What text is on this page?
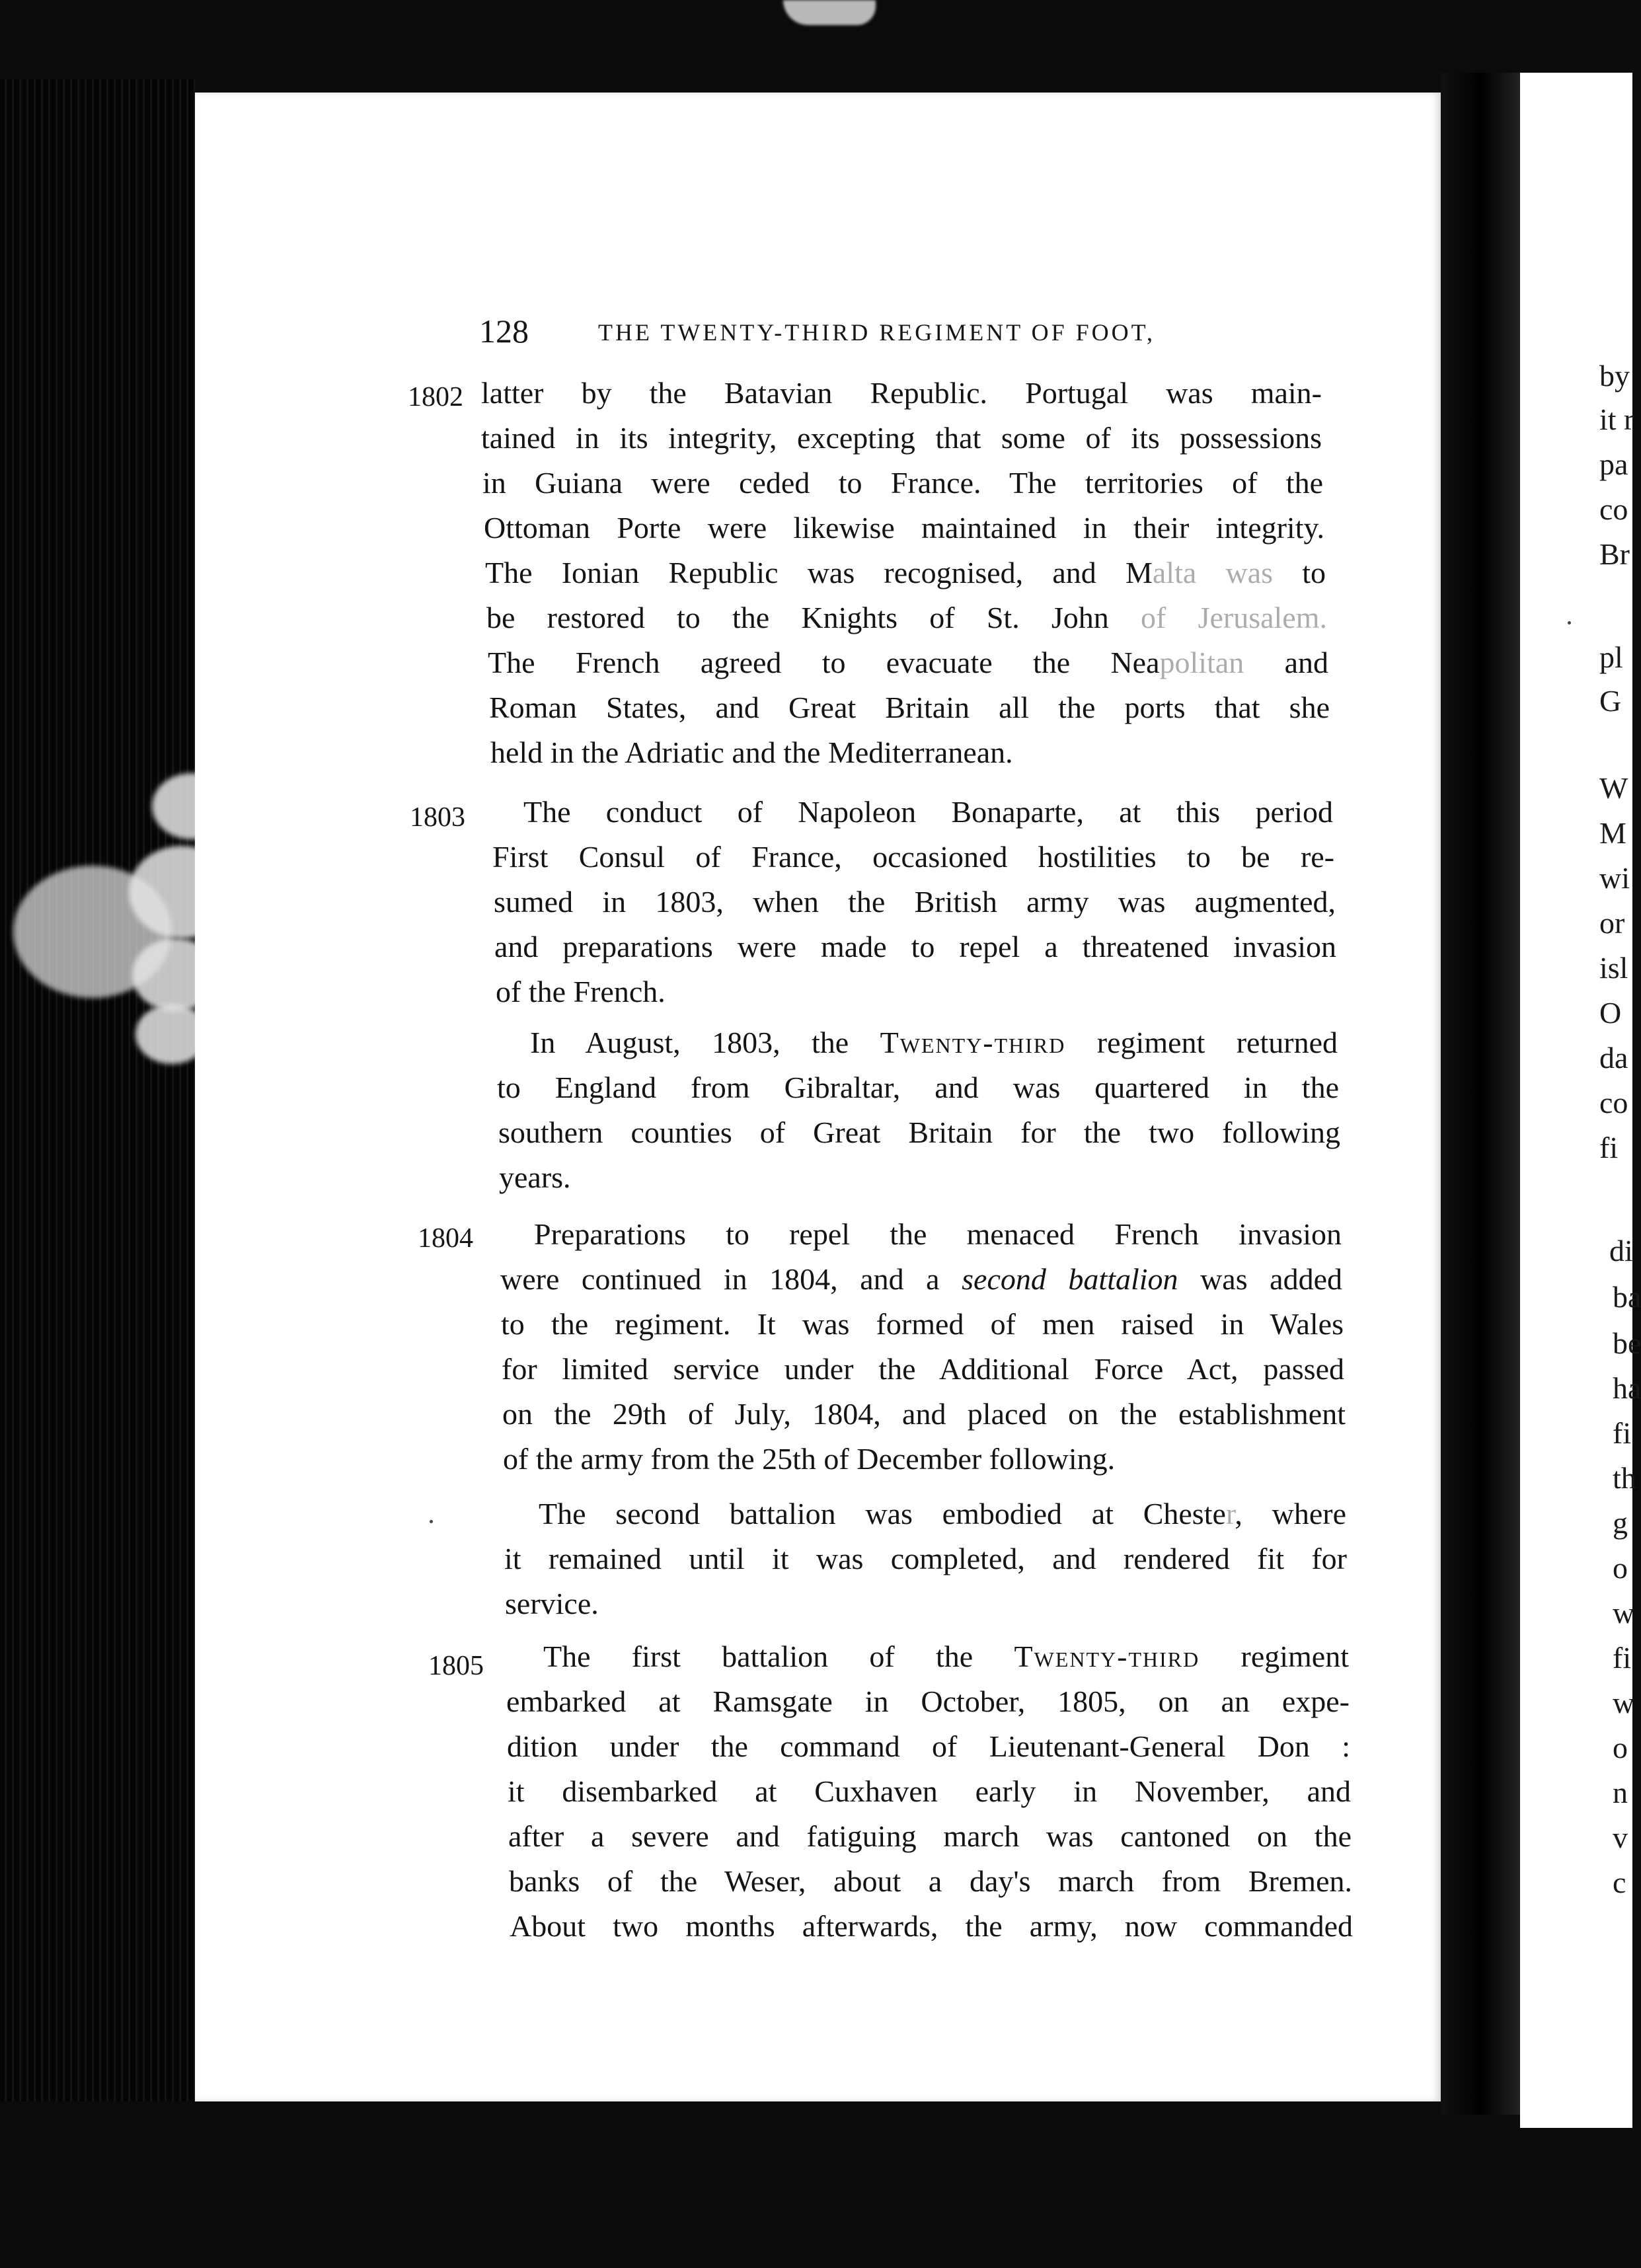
by
it r
pa
co
Br
pl
G
W
M
wi
or
isl
O
da
co
fi
di
ba
be
ha
fi
th
g
o
w
fi
w
o
n
v
c
128	THE TWENTY-THIRD REGIMENT OF FOOT,
1802
1803
1804
1805
latter by the Batavian Republic. Portugal was main-
tained in its integrity, excepting that some of its possessions
in Guiana were ceded to France. The territories of the
Ottoman Porte were likewise maintained in their integrity.
The Ionian Republic was recognised, and Malta was to
be restored to the Knights of St. John of Jerusalem.
The French agreed to evacuate the Neapolitan and
Roman States, and Great Britain all the ports that she
held in the Adriatic and the Mediterranean.
The conduct of Napoleon Bonaparte, at this period
First Consul of France, occasioned hostilities to be re-
sumed in 1803, when the British army was augmented,
and preparations were made to repel a threatened invasion
of the French.
In August, 1803, the Twenty-third regiment returned
to England from Gibraltar, and was quartered in the
southern counties of Great Britain for the two following
years.
Preparations to repel the menaced French invasion
were continued in 1804, and a second battalion was added
to the regiment. It was formed of men raised in Wales
for limited service under the Additional Force Act, passed
on the 29th of July, 1804, and placed on the establishment
of the army from the 25th of December following.
The second battalion was embodied at Chester, where
it remained until it was completed, and rendered fit for
service.
The first battalion of the Twenty-third regiment
embarked at Ramsgate in October, 1805, on an expe-
dition under the command of Lieutenant-General Don :
it disembarked at Cuxhaven early in November, and
after a severe and fatiguing march was cantoned on the
banks of the Weser, about a day's march from Bremen.
About two months afterwards, the army, now commanded
